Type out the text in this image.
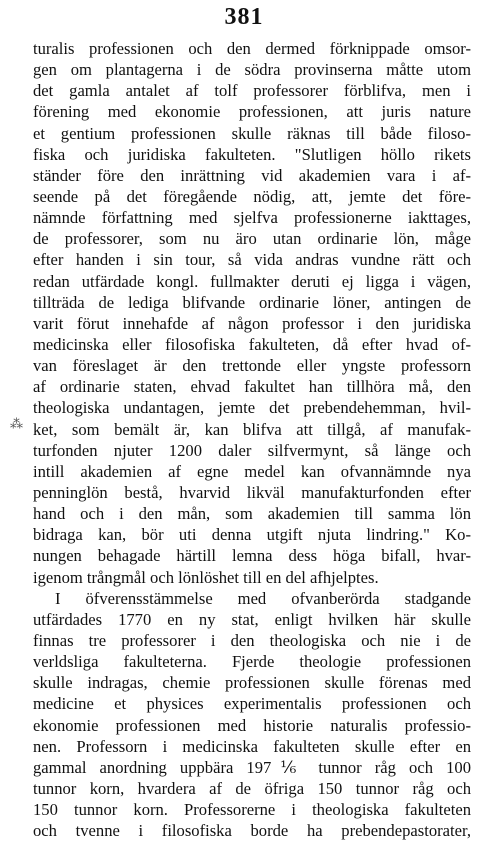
381
⁂
turalis professionen och den dermed förknippade omsor-
gen om plantagerna i de södra provinserna måtte utom
det gamla antalet af tolf professorer förblifva, men i
förening med ekonomie professionen, att juris nature
et gentium professionen skulle räknas till både filoso-
fiska och juridiska fakulteten. "Slutligen höllo rikets
ständer före den inrättning vid akademien vara i af-
seende på det föregående nödig, att, jemte det före-
nämnde författning med sjelfva professionerne iakttages,
de professorer, som nu äro utan ordinarie lön, måge
efter handen i sin tour, så vida andras vundne rätt och
redan utfärdade kongl. fullmakter deruti ej ligga i vägen,
tillträda de lediga blifvande ordinarie löner, antingen de
varit förut innehafde af någon professor i den juridiska
medicinska eller filosofiska fakulteten, då efter hvad of-
van föreslaget är den trettonde eller yngste professorn
af ordinarie staten, ehvad fakultet han tillhöra må, den
theologiska undantagen, jemte det prebendehemman, hvil-
ket, som bemält är, kan blifva att tillgå, af manufak-
turfonden njuter 1200 daler silfvermynt, så länge och
intill akademien af egne medel kan ofvannämnde nya
penninglön bestå, hvarvid likväl manufakturfonden efter
hand och i den mån, som akademien till samma lön
bidraga kan, bör uti denna utgift njuta lindring." Ko-
nungen behagade härtill lemna dess höga bifall, hvar-
igenom trångmål och lönlöshet till en del afhjelptes.
I öfverensstämmelse med ofvanberörda stadgande
utfärdades 1770 en ny stat, enligt hvilken här skulle
finnas tre professorer i den theologiska och nie i de
verldsliga fakulteterna. Fjerde theologie professionen
skulle indragas, chemie professionen skulle förenas med
medicine et physices experimentalis professionen och
ekonomie professionen med historie naturalis professio-
nen. Professorn i medicinska fakulteten skulle efter en
gammal anordning uppbära 197⅙ tunnor råg och 100
tunnor korn, hvardera af de öfriga 150 tunnor råg och
150 tunnor korn. Professorerne i theologiska fakulteten
och tvenne i filosofiska borde ha prebendepastorater,
